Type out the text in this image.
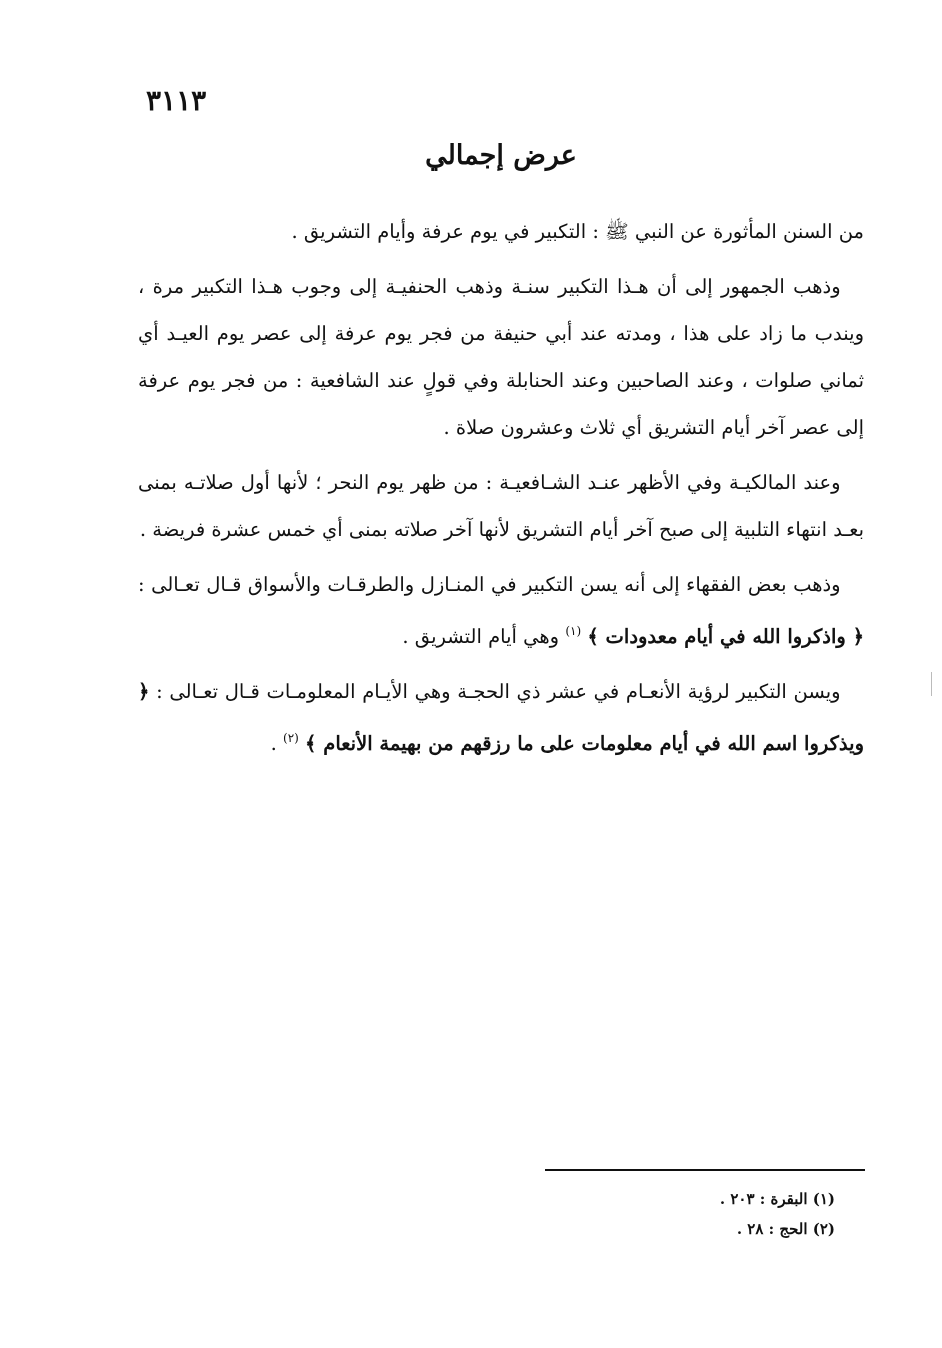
٣١١٣
عرض إجمالي

من السنن المأثورة عن النبي ﷺ : التكبير في يوم عرفة وأيام التشريق .

وذهب الجمهور إلى أن هـذا التكبير سنـة وذهب الحنفيـة إلى وجوب هـذا التكبير مرة ، ويندب ما زاد على هذا ، ومدته عند أبي حنيفة من فجر يوم عرفة إلى عصر يوم العيـد أي ثماني صلوات ، وعند الصاحبين وعند الحنابلة وفي قولٍ عند الشافعية : من فجر يوم عرفة إلى عصر آخر أيام التشريق أي ثلاث وعشرون صلاة .

وعند المالكيـة وفي الأظهر عنـد الشـافعيـة : من ظهر يوم النحر ؛ لأنها أول صلاتـه بمنى بعـد انتهاء التلبية إلى صبح آخر أيام التشريق لأنها آخر صلاته بمنى أي خمس عشرة فريضة .

وذهب بعض الفقهاء إلى أنه يسن التكبير في المنـازل والطرقـات والأسواق قـال تعـالى : ﴿ واذكروا الله في أيام معدودات ﴾ $^{(١)}$ وهي أيام التشريق .

ويسن التكبير لرؤية الأنعـام في عشر ذي الحجـة وهي الأيـام المعلومـات قـال تعـالى : ﴿ ويذكروا اسم الله في أيام معلومات على ما رزقهم من بهيمة الأنعام ﴾ $^{(٢)}$ .

(١) البقرة : ٢٠٣ .
(٢) الحج : ٢٨ .
